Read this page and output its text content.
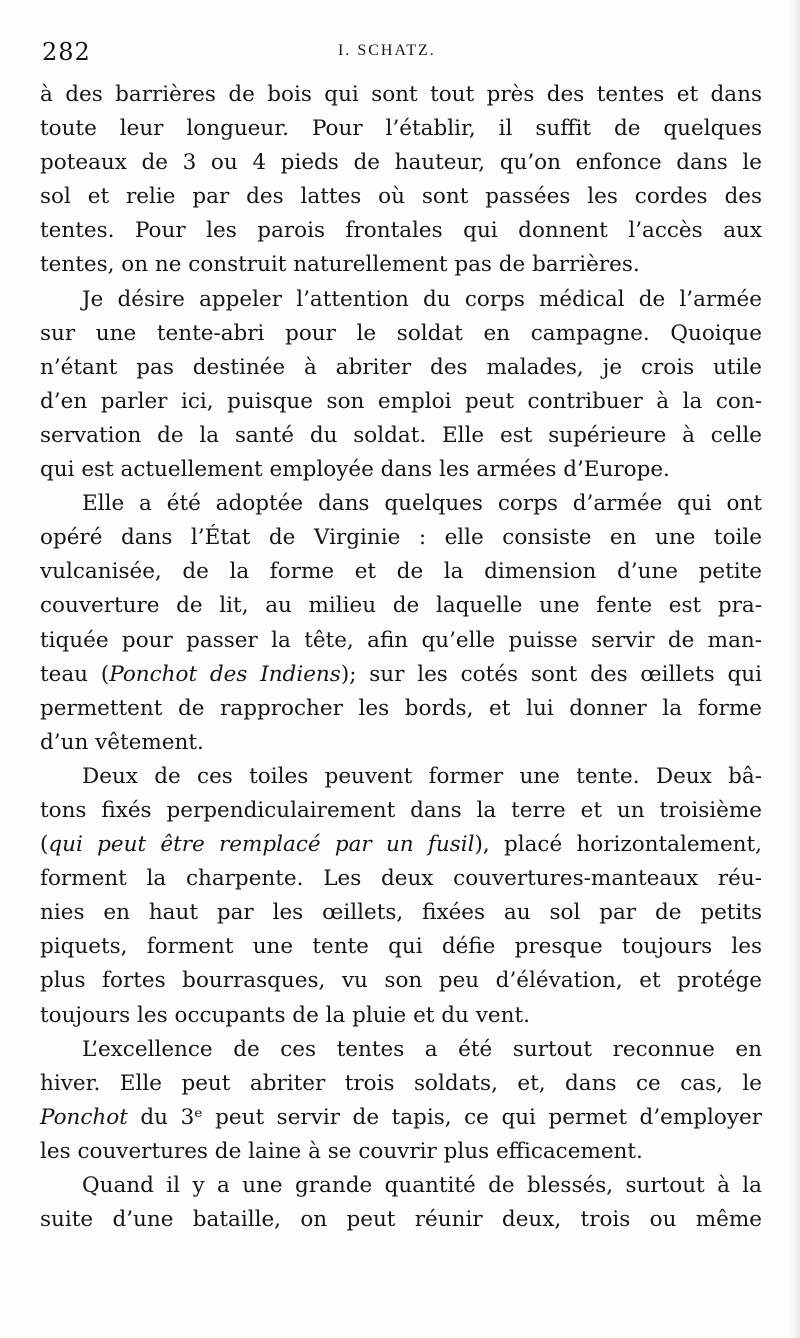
282	I. SCHATZ.
à des barrières de bois qui sont tout près des tentes et dans
toute leur longueur. Pour l’établir, il suffit de quelques
poteaux de 3 ou 4 pieds de hauteur, qu’on enfonce dans le
sol et relie par des lattes où sont passées les cordes des
tentes. Pour les parois frontales qui donnent l’accès aux
tentes, on ne construit naturellement pas de barrières.
Je désire appeler l’attention du corps médical de l’armée
sur une tente-abri pour le soldat en campagne. Quoique
n’étant pas destinée à abriter des malades, je crois utile
d’en parler ici, puisque son emploi peut contribuer à la con-
servation de la santé du soldat. Elle est supérieure à celle
qui est actuellement employée dans les armées d’Europe.
Elle a été adoptée dans quelques corps d’armée qui ont
opéré dans l’État de Virginie : elle consiste en une toile
vulcanisée, de la forme et de la dimension d’une petite
couverture de lit, au milieu de laquelle une fente est pra-
tiquée pour passer la tête, afin qu’elle puisse servir de man-
teau (Ponchot des Indiens); sur les cotés sont des œillets qui
permettent de rapprocher les bords, et lui donner la forme
d’un vêtement.
Deux de ces toiles peuvent former une tente. Deux bâ-
tons fixés perpendiculairement dans la terre et un troisième
(qui peut être remplacé par un fusil), placé horizontalement,
forment la charpente. Les deux couvertures-manteaux réu-
nies en haut par les œillets, fixées au sol par de petits
piquets, forment une tente qui défie presque toujours les
plus fortes bourrasques, vu son peu d’élévation, et protége
toujours les occupants de la pluie et du vent.
L’excellence de ces tentes a été surtout reconnue en
hiver. Elle peut abriter trois soldats, et, dans ce cas, le
Ponchot du 3ᵉ peut servir de tapis, ce qui permet d’employer
les couvertures de laine à se couvrir plus efficacement.
Quand il y a une grande quantité de blessés, surtout à la
suite d’une bataille, on peut réunir deux, trois ou même
